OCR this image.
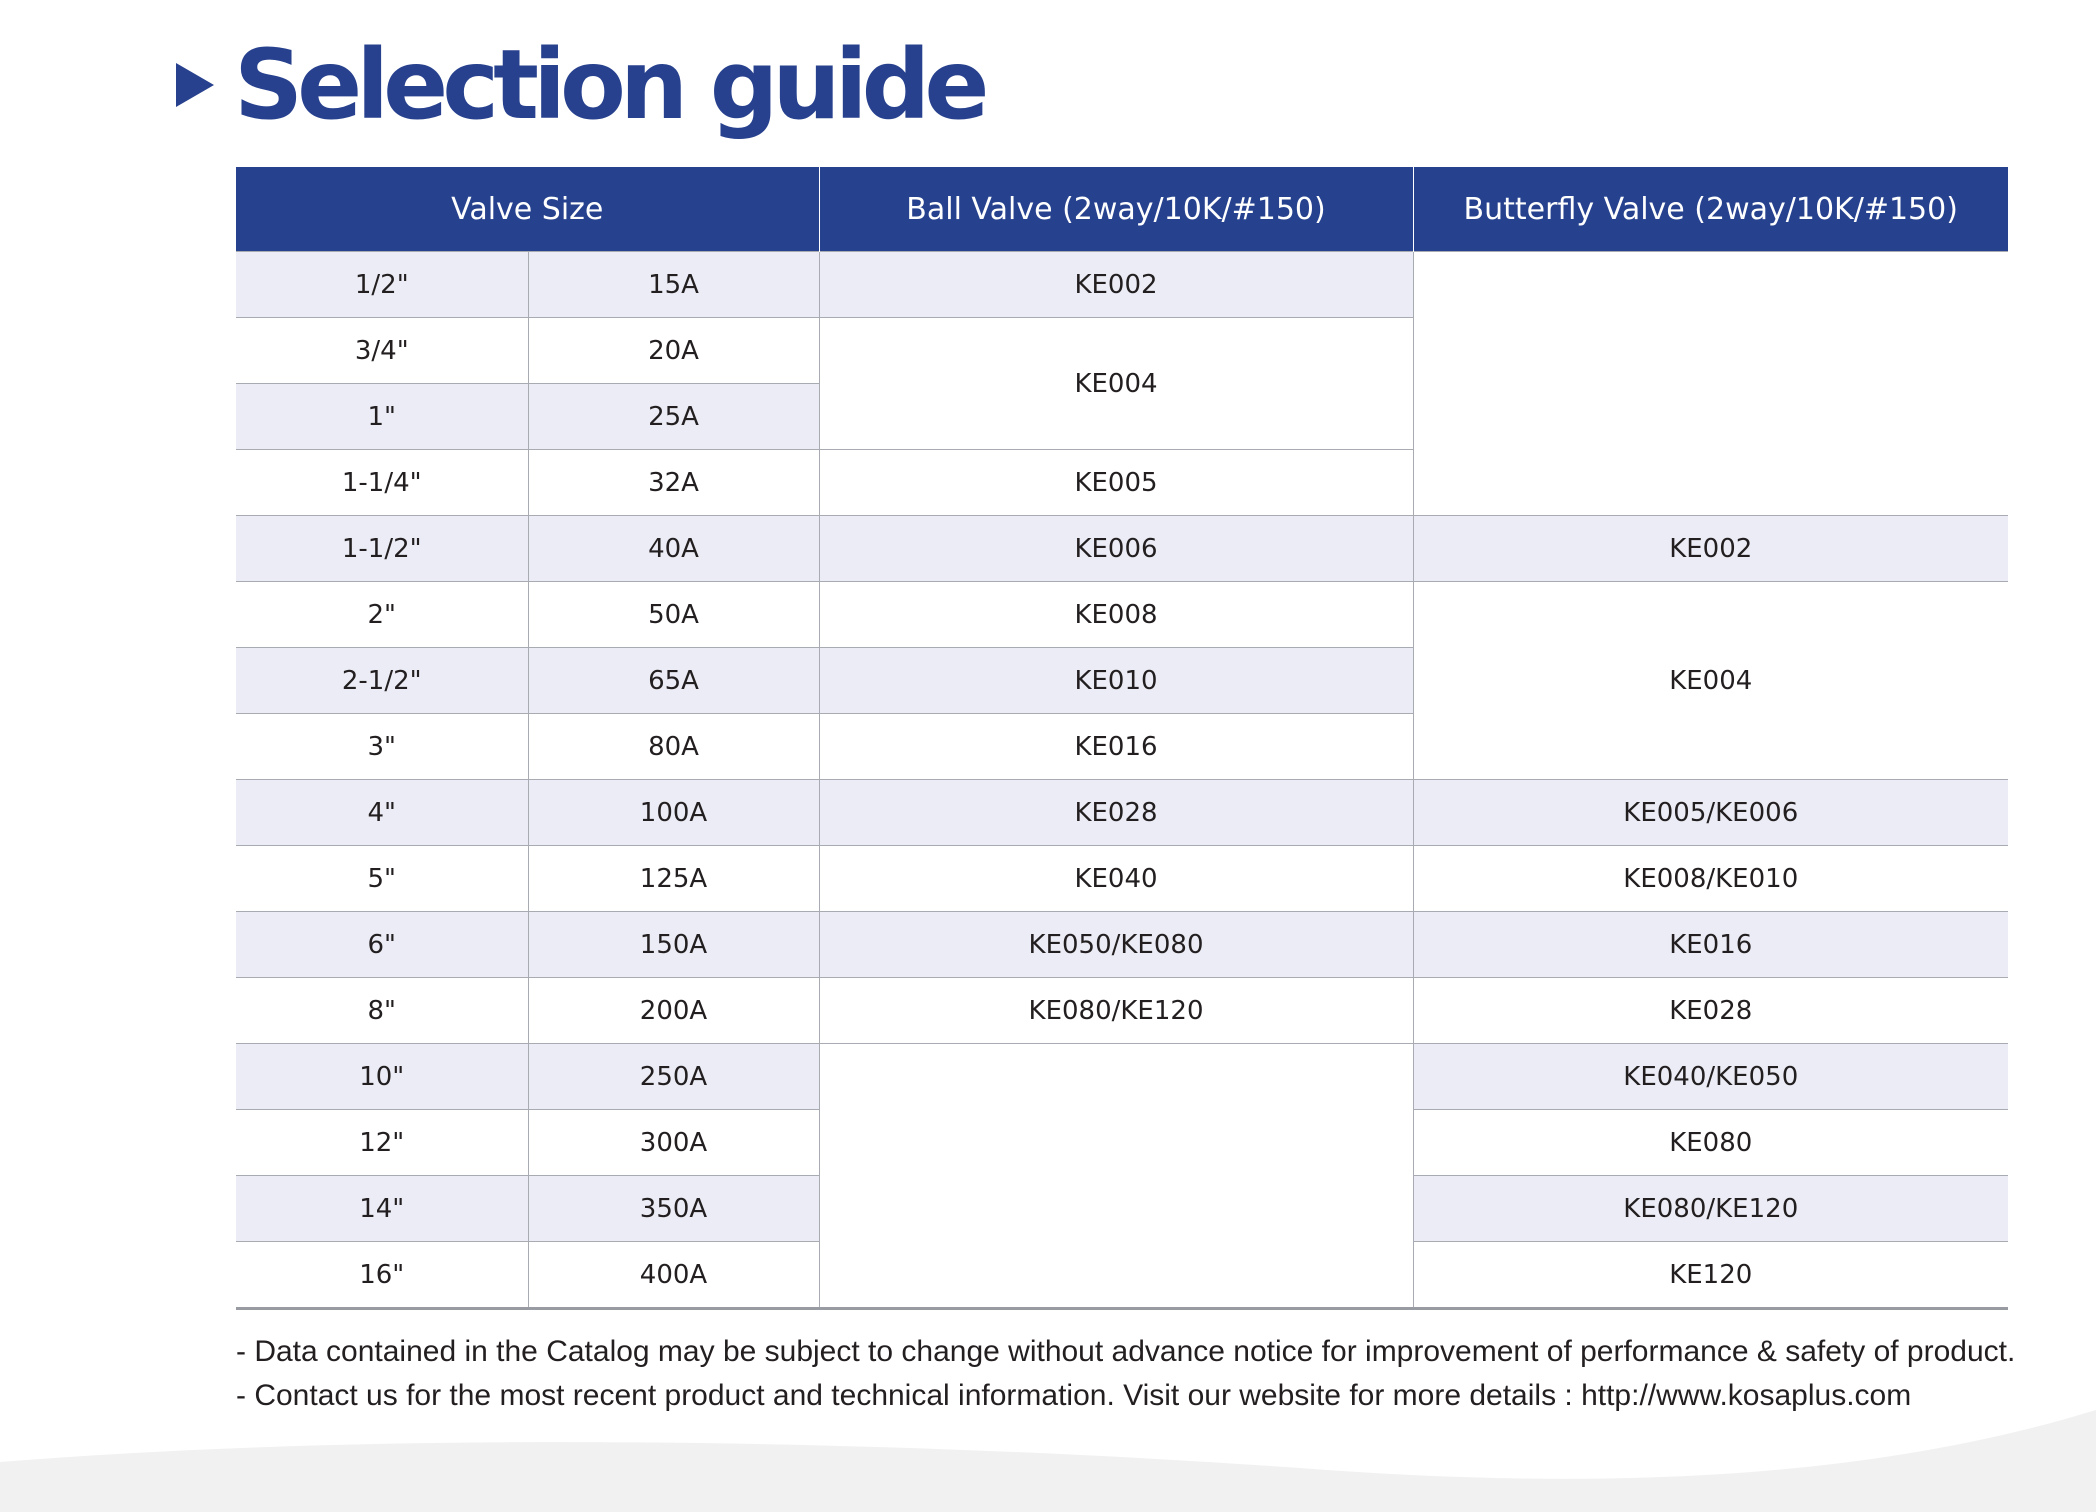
Selection guide
Valve Size		Ball Valve (2way/10K/#150)	Butterfly Valve (2way/10K/#150)
1/2"	15A	KE002	
3/4"	20A	KE004	
1"	25A		
1-1/4"	32A	KE005	
1-1/2"	40A	KE006	KE002
2"	50A	KE008	KE004
2-1/2"	65A	KE010	
3"	80A	KE016	
4"	100A	KE028	KE005/KE006
5"	125A	KE040	KE008/KE010
6"	150A	KE050/KE080	KE016
8"	200A	KE080/KE120	KE028
10"	250A		KE040/KE050
12"	300A		KE080
14"	350A		KE080/KE120
16"	400A		KE120
- Data contained in the Catalog may be subject to change without advance notice for improvement of performance & safety of product.
- Contact us for the most recent product and technical information. Visit our website for more details : http://www.kosaplus.com
